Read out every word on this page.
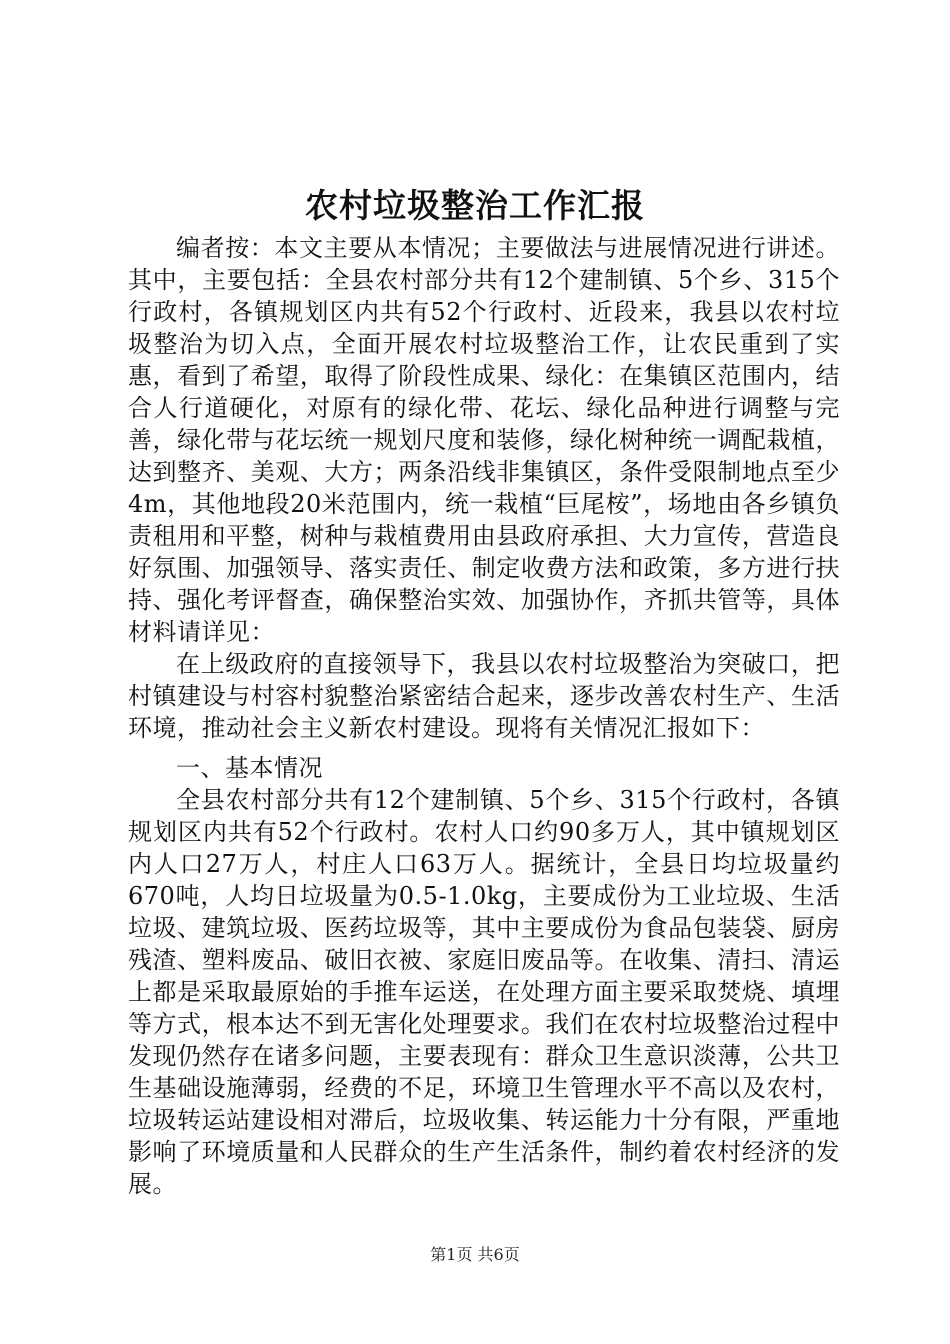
农村垃圾整治工作汇报

编者按：本文主要从本情况；主要做法与进展情况进行讲述。其中，主要包括：全县农村部分共有12个建制镇、5个乡、315个行政村，各镇规划区内共有52个行政村、近段来，我县以农村垃圾整治为切入点，全面开展农村垃圾整治工作，让农民重到了实惠，看到了希望，取得了阶段性成果、绿化：在集镇区范围内，结合人行道硬化，对原有的绿化带、花坛、绿化品种进行调整与完善，绿化带与花坛统一规划尺度和装修，绿化树种统一调配栽植，达到整齐、美观、大方；两条沿线非集镇区，条件受限制地点至少4m，其他地段20米范围内，统一栽植“巨尾桉”，场地由各乡镇负责租用和平整，树种与栽植费用由县政府承担、大力宣传，营造良好氛围、加强领导、落实责任、制定收费方法和政策，多方进行扶持、强化考评督查，确保整治实效、加强协作，齐抓共管等，具体材料请详见：

在上级政府的直接领导下，我县以农村垃圾整治为突破口，把村镇建设与村容村貌整治紧密结合起来，逐步改善农村生产、生活环境，推动社会主义新农村建设。现将有关情况汇报如下：

一、基本情况

全县农村部分共有12个建制镇、5个乡、315个行政村，各镇规划区内共有52个行政村。农村人口约90多万人，其中镇规划区内人口27万人，村庄人口63万人。据统计，全县日均垃圾量约670吨，人均日垃圾量为0.5-1.0kg，主要成份为工业垃圾、生活垃圾、建筑垃圾、医药垃圾等，其中主要成份为食品包装袋、厨房残渣、塑料废品、破旧衣被、家庭旧废品等。在收集、清扫、清运上都是采取最原始的手推车运送，在处理方面主要采取焚烧、填埋等方式，根本达不到无害化处理要求。我们在农村垃圾整治过程中发现仍然存在诸多问题，主要表现有：群众卫生意识淡薄，公共卫生基础设施薄弱，经费的不足，环境卫生管理水平不高以及农村，垃圾转运站建设相对滞后，垃圾收集、转运能力十分有限，严重地影响了环境质量和人民群众的生产生活条件，制约着农村经济的发展。

第1页 共6页
